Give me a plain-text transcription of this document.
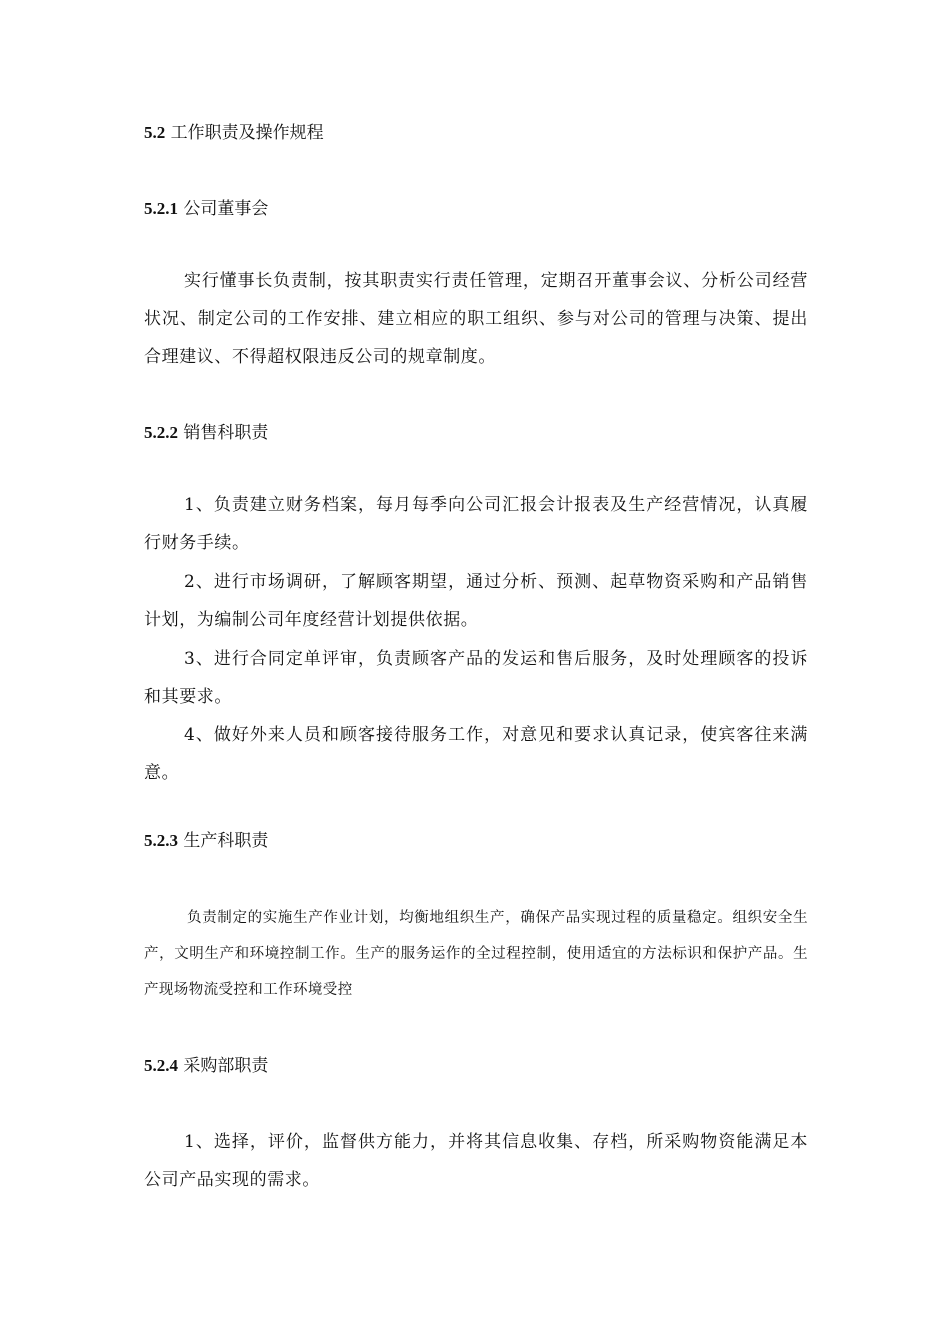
5.2 工作职责及操作规程
5.2.1 公司董事会
实行懂事长负责制，按其职责实行责任管理，定期召开董事会议、分析公司经营状况、制定公司的工作安排、建立相应的职工组织、参与对公司的管理与决策、提出合理建议、不得超权限违反公司的规章制度。
5.2.2 销售科职责
1、负责建立财务档案，每月每季向公司汇报会计报表及生产经营情况，认真履行财务手续。
2、进行市场调研，了解顾客期望，通过分析、预测、起草物资采购和产品销售计划，为编制公司年度经营计划提供依据。
3、进行合同定单评审，负责顾客产品的发运和售后服务，及时处理顾客的投诉和其要求。
4、做好外来人员和顾客接待服务工作，对意见和要求认真记录，使宾客往来满意。
5.2.3 生产科职责
负责制定的实施生产作业计划，均衡地组织生产，确保产品实现过程的质量稳定。组织安全生产，文明生产和环境控制工作。生产的服务运作的全过程控制，使用适宜的方法标识和保护产品。生产现场物流受控和工作环境受控
5.2.4 采购部职责
1、选择，评价，监督供方能力，并将其信息收集、存档，所采购物资能满足本公司产品实现的需求。
